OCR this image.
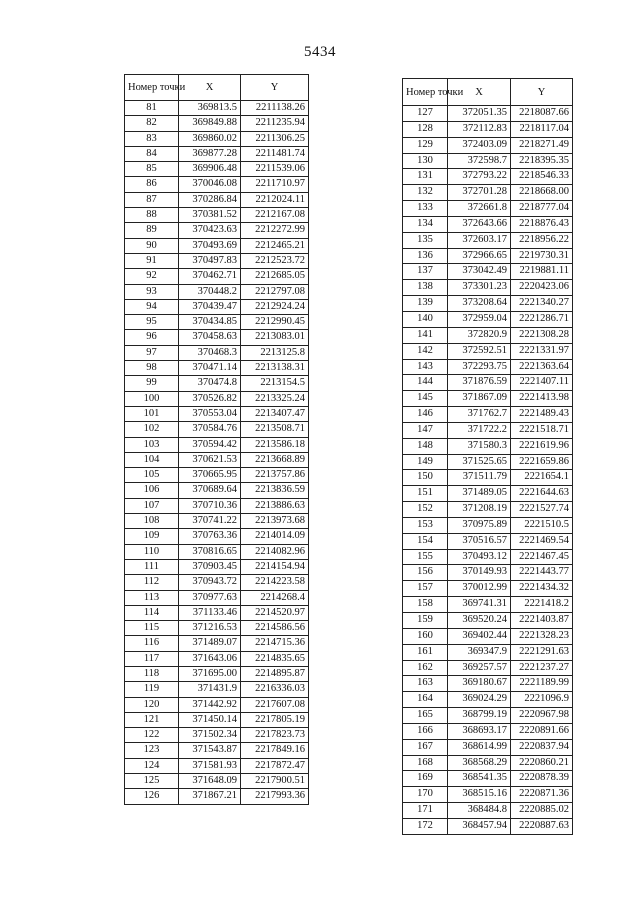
5434
Номер точки	X	Y
81	369813.5	2211138.26
82	369849.88	2211235.94
83	369860.02	2211306.25
84	369877.28	2211481.74
85	369906.48	2211539.06
86	370046.08	2211710.97
87	370286.84	2212024.11
88	370381.52	2212167.08
89	370423.63	2212272.99
90	370493.69	2212465.21
91	370497.83	2212523.72
92	370462.71	2212685.05
93	370448.2	2212797.08
94	370439.47	2212924.24
95	370434.85	2212990.45
96	370458.63	2213083.01
97	370468.3	2213125.8
98	370471.14	2213138.31
99	370474.8	2213154.5
100	370526.82	2213325.24
101	370553.04	2213407.47
102	370584.76	2213508.71
103	370594.42	2213586.18
104	370621.53	2213668.89
105	370665.95	2213757.86
106	370689.64	2213836.59
107	370710.36	2213886.63
108	370741.22	2213973.68
109	370763.36	2214014.09
110	370816.65	2214082.96
111	370903.45	2214154.94
112	370943.72	2214223.58
113	370977.63	2214268.4
114	371133.46	2214520.97
115	371216.53	2214586.56
116	371489.07	2214715.36
117	371643.06	2214835.65
118	371695.00	2214895.87
119	371431.9	2216336.03
120	371442.92	2217607.08
121	371450.14	2217805.19
122	371502.34	2217823.73
123	371543.87	2217849.16
124	371581.93	2217872.47
125	371648.09	2217900.51
126	371867.21	2217993.36
Номер точки	X	Y
127	372051.35	2218087.66
128	372112.83	2218117.04
129	372403.09	2218271.49
130	372598.7	2218395.35
131	372793.22	2218546.33
132	372701.28	2218668.00
133	372661.8	2218777.04
134	372643.66	2218876.43
135	372603.17	2218956.22
136	372966.65	2219730.31
137	373042.49	2219881.11
138	373301.23	2220423.06
139	373208.64	2221340.27
140	372959.04	2221286.71
141	372820.9	2221308.28
142	372592.51	2221331.97
143	372293.75	2221363.64
144	371876.59	2221407.11
145	371867.09	2221413.98
146	371762.7	2221489.43
147	371722.2	2221518.71
148	371580.3	2221619.96
149	371525.65	2221659.86
150	371511.79	2221654.1
151	371489.05	2221644.63
152	371208.19	2221527.74
153	370975.89	2221510.5
154	370516.57	2221469.54
155	370493.12	2221467.45
156	370149.93	2221443.77
157	370012.99	2221434.32
158	369741.31	2221418.2
159	369520.24	2221403.87
160	369402.44	2221328.23
161	369347.9	2221291.63
162	369257.57	2221237.27
163	369180.67	2221189.99
164	369024.29	2221096.9
165	368799.19	2220967.98
166	368693.17	2220891.66
167	368614.99	2220837.94
168	368568.29	2220860.21
169	368541.35	2220878.39
170	368515.16	2220871.36
171	368484.8	2220885.02
172	368457.94	2220887.63
